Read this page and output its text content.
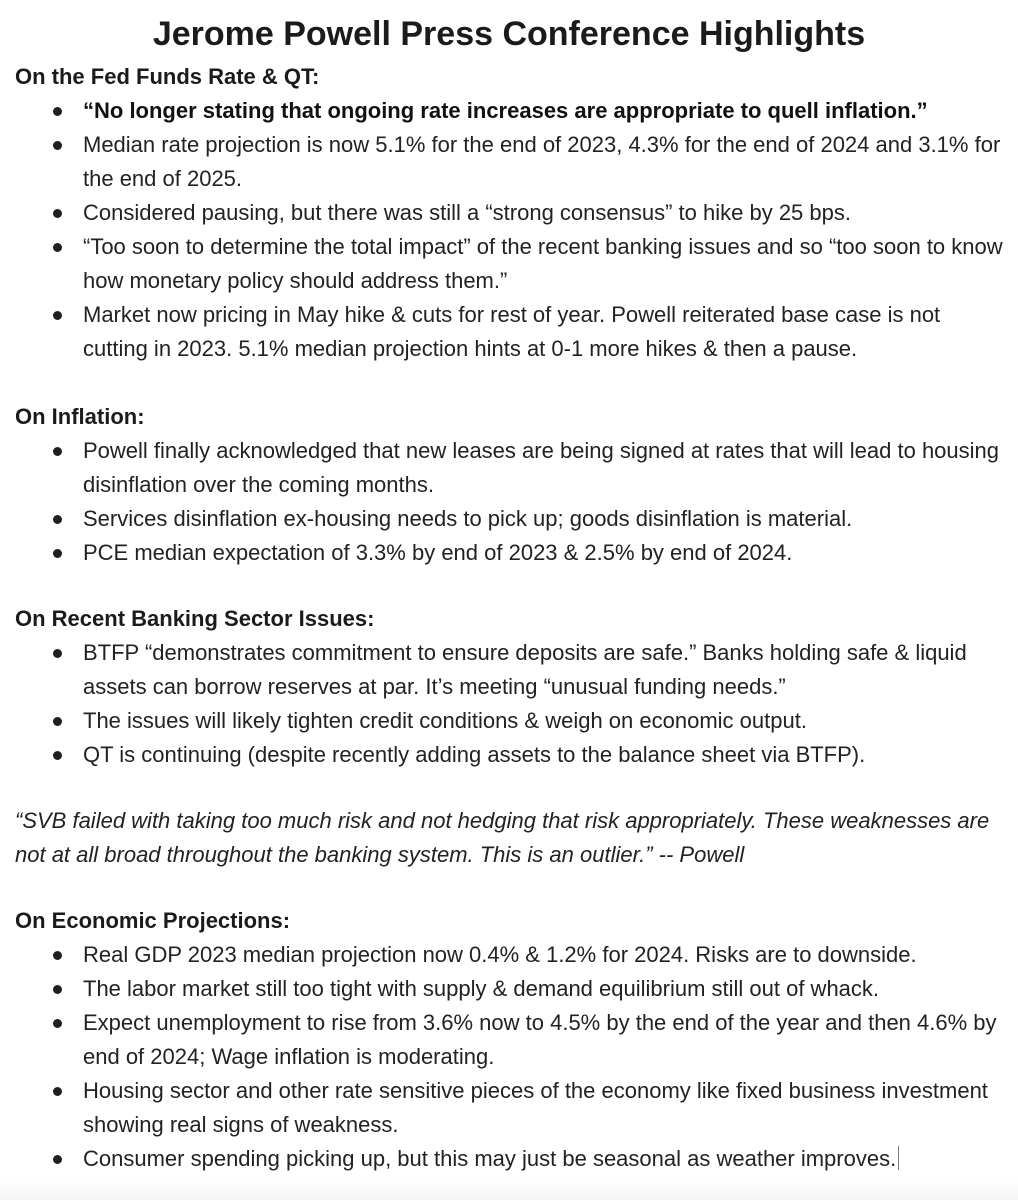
Jerome Powell Press Conference Highlights
On the Fed Funds Rate & QT:
“No longer stating that ongoing rate increases are appropriate to quell inflation.”
Median rate projection is now 5.1% for the end of 2023, 4.3% for the end of 2024 and 3.1% for the end of 2025.
Considered pausing, but there was still a “strong consensus” to hike by 25 bps.
“Too soon to determine the total impact” of the recent banking issues and so “too soon to know how monetary policy should address them.”
Market now pricing in May hike & cuts for rest of year. Powell reiterated base case is not cutting in 2023. 5.1% median projection hints at 0-1 more hikes & then a pause.
On Inflation:
Powell finally acknowledged that new leases are being signed at rates that will lead to housing disinflation over the coming months.
Services disinflation ex-housing needs to pick up; goods disinflation is material.
PCE median expectation of 3.3% by end of 2023 & 2.5% by end of 2024.
On Recent Banking Sector Issues:
BTFP “demonstrates commitment to ensure deposits are safe.” Banks holding safe & liquid assets can borrow reserves at par. It’s meeting “unusual funding needs.”
The issues will likely tighten credit conditions & weigh on economic output.
QT is continuing (despite recently adding assets to the balance sheet via BTFP).
“SVB failed with taking too much risk and not hedging that risk appropriately. These weaknesses are not at all broad throughout the banking system. This is an outlier.” -- Powell
On Economic Projections:
Real GDP 2023 median projection now 0.4% & 1.2% for 2024. Risks are to downside.
The labor market still too tight with supply & demand equilibrium still out of whack.
Expect unemployment to rise from 3.6% now to 4.5% by the end of the year and then 4.6% by end of 2024; Wage inflation is moderating.
Housing sector and other rate sensitive pieces of the economy like fixed business investment showing real signs of weakness.
Consumer spending picking up, but this may just be seasonal as weather improves.
